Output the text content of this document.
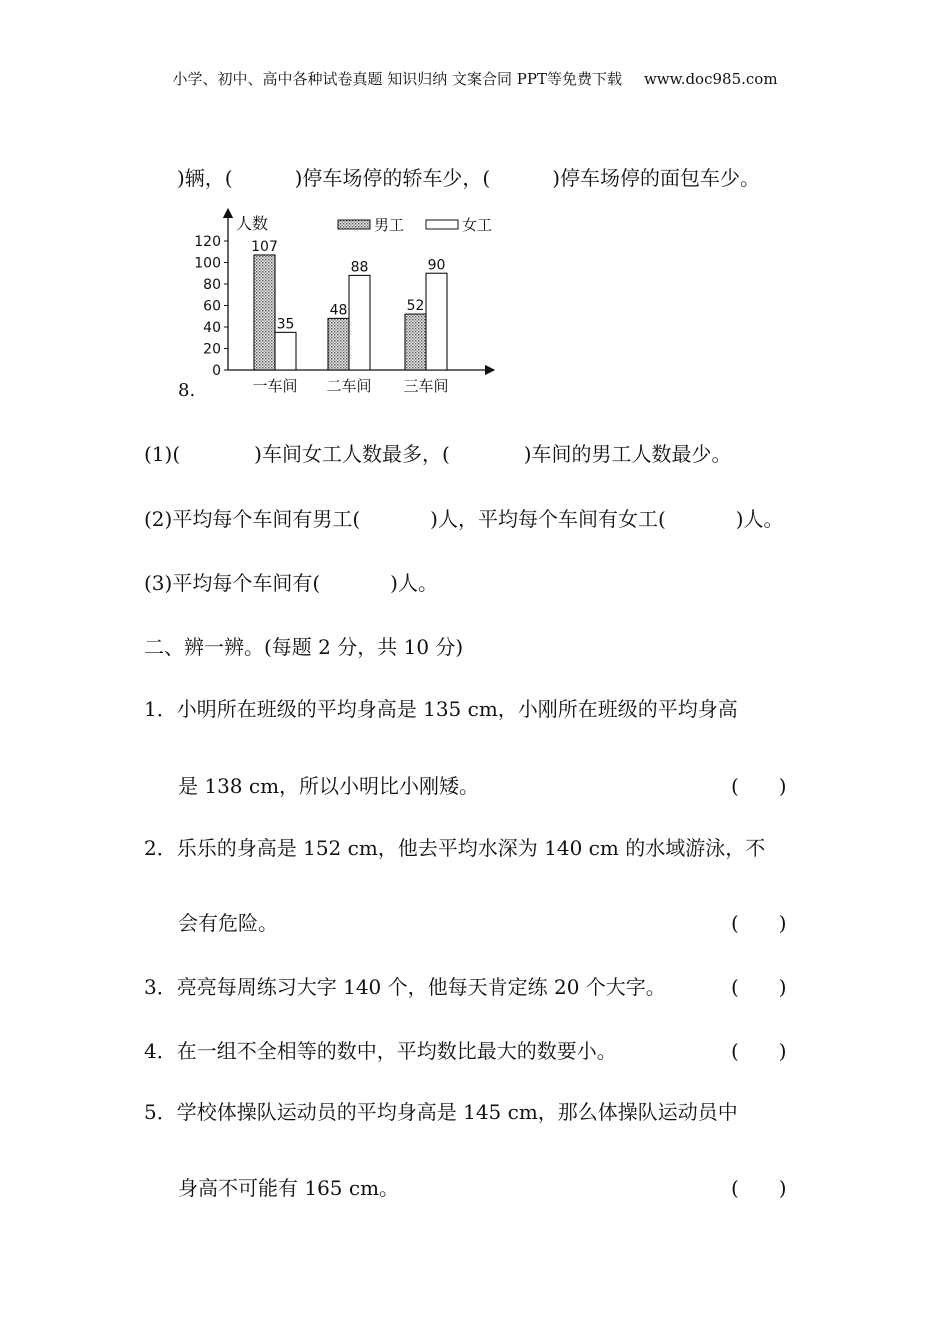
小学、初中、高中各种试卷真题 知识归纳 文案合同 PPT等免费下载 www.doc985.com
)辆，(	)停车场停的轿车少，(	)停车场停的面包车少。
人数
0
20
40
60
80
100
120 107
35
一车间
48
88
二车间
52
90
三车间
男工	女工
8.
(1)(	)车间女工人数最多，(	)车间的男工人数最少。
(2)平均每个车间有男工(	)人，平均每个车间有女工(	)人。
(3)平均每个车间有(	)人。
二、辨一辨。(每题 2 分，共 10 分)
1．小明所在班级的平均身高是 135 cm，小刚所在班级的平均身高
是 138 cm，所以小明比小刚矮。	(　　)
2．乐乐的身高是 152 cm，他去平均水深为 140 cm 的水域游泳，不
会有危险。	(　　)
3．亮亮每周练习大字 140 个，他每天肯定练 20 个大字。	(　　)
4．在一组不全相等的数中，平均数比最大的数要小。	(　　)
5．学校体操队运动员的平均身高是 145 cm，那么体操队运动员中
身高不可能有 165 cm。	(　　)
